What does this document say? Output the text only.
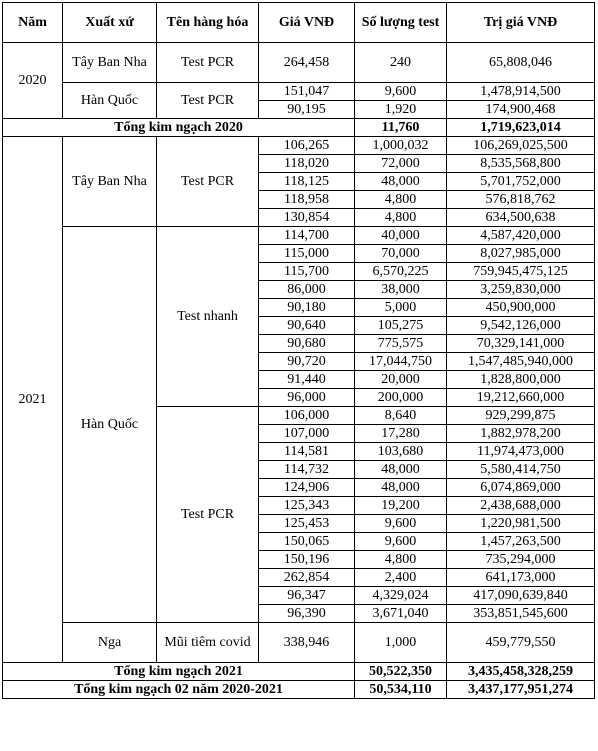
Năm	Xuất xứ	Tên hàng hóa	Giá VNĐ	Số lượng test	Trị giá VNĐ
2020	Tây Ban Nha	Test PCR	264,458	240	65,808,046
	Hàn Quốc	Test PCR	151,047	9,600	1,478,914,500
			90,195	1,920	174,900,468
Tổng kim ngạch 2020				11,760	1,719,623,014
2021	Tây Ban Nha	Test PCR	106,265	1,000,032	106,269,025,500
			118,020	72,000	8,535,568,800
			118,125	48,000	5,701,752,000
			118,958	4,800	576,818,762
			130,854	4,800	634,500,638
	Hàn Quốc	Test nhanh	114,700	40,000	4,587,420,000
			115,000	70,000	8,027,985,000
			115,700	6,570,225	759,945,475,125
			86,000	38,000	3,259,830,000
			90,180	5,000	450,900,000
			90,640	105,275	9,542,126,000
			90,680	775,575	70,329,141,000
			90,720	17,044,750	1,547,485,940,000
			91,440	20,000	1,828,800,000
			96,000	200,000	19,212,660,000
		Test PCR	106,000	8,640	929,299,875
			107,000	17,280	1,882,978,200
			114,581	103,680	11,974,473,000
			114,732	48,000	5,580,414,750
			124,906	48,000	6,074,869,000
			125,343	19,200	2,438,688,000
			125,453	9,600	1,220,981,500
			150,065	9,600	1,457,263,500
			150,196	4,800	735,294,000
			262,854	2,400	641,173,000
			96,347	4,329,024	417,090,639,840
			96,390	3,671,040	353,851,545,600
	Nga	Mũi tiêm covid	338,946	1,000	459,779,550
Tổng kim ngạch 2021				50,522,350	3,435,458,328,259
Tổng kim ngạch 02 năm 2020-2021				50,534,110	3,437,177,951,274
